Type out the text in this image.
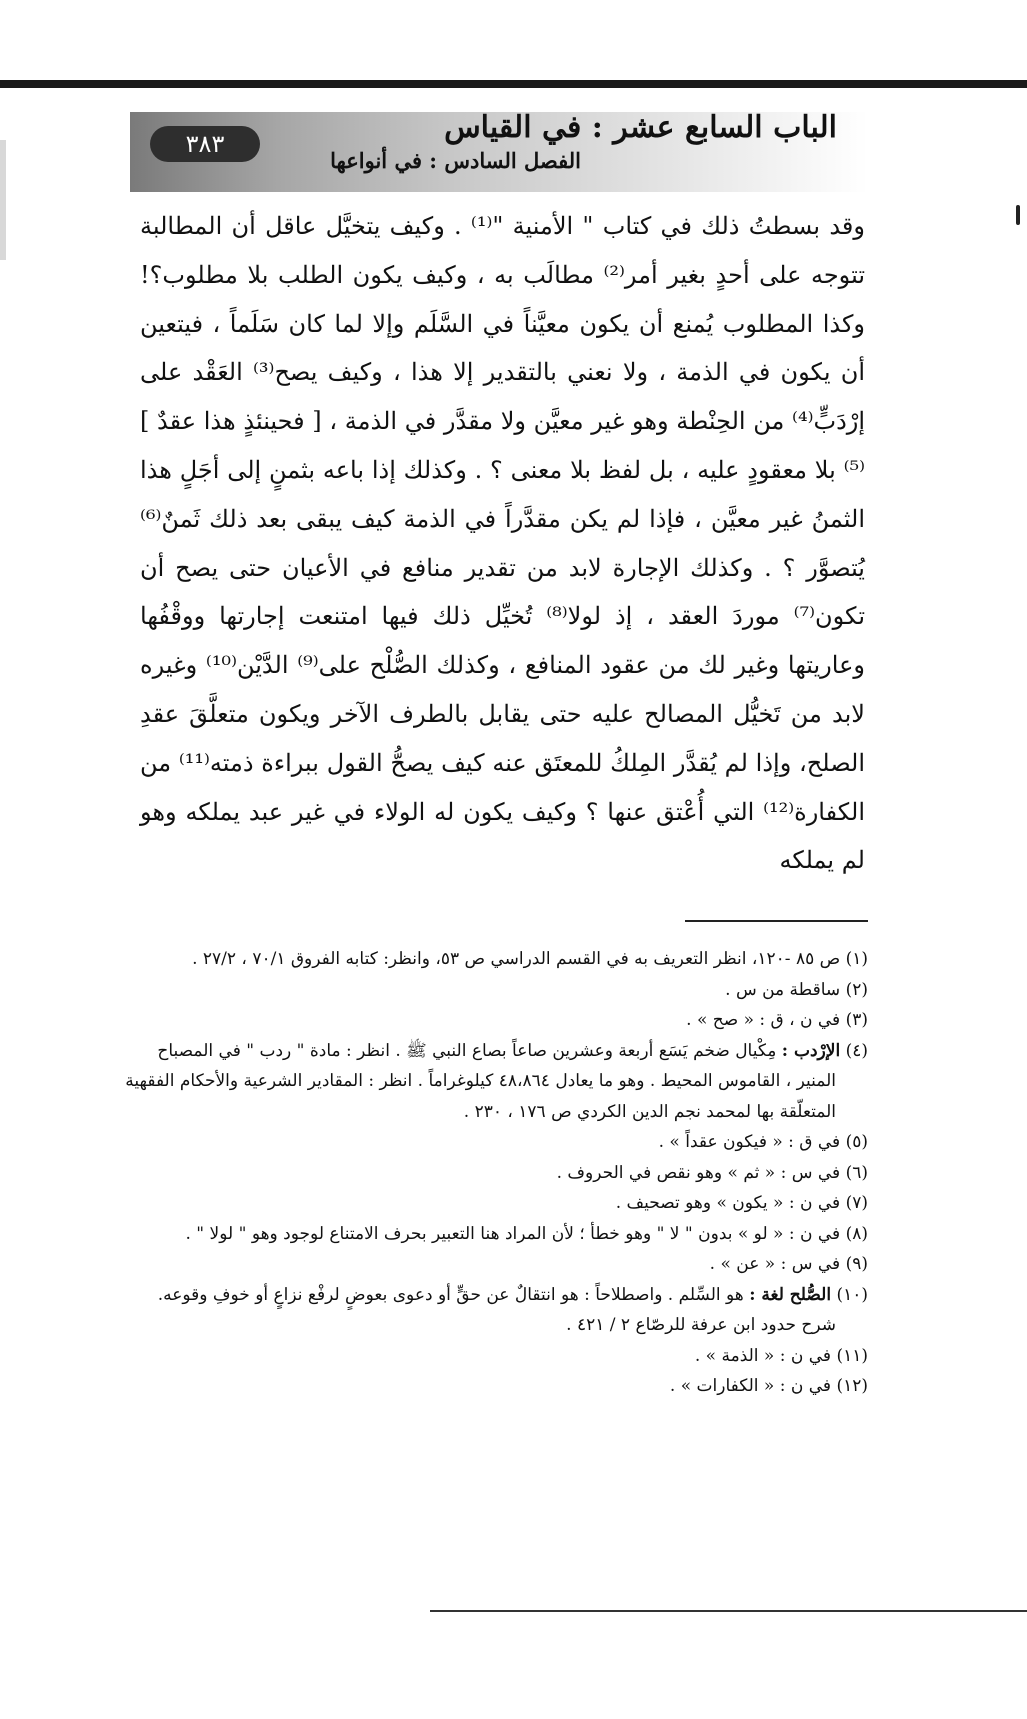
٣٨٣	الباب السابع عشر : في القياس
الفصل السادس : في أنواعها

وقد بسطتُ ذلك في كتاب " الأمنية "⁽¹⁾ . وكيف يتخيَّل عاقل أن المطالبة تتوجه على أحدٍ بغير أمر⁽²⁾ مطالَب به ، وكيف يكون الطلب بلا مطلوب؟! وكذا المطلوب يُمنع أن يكون معيَّناً في السَّلَم وإلا لما كان سَلَماً ، فيتعين أن يكون في الذمة ، ولا نعني بالتقدير إلا هذا ، وكيف يصح⁽³⁾ العَقْد على إرْدَبٍّ⁽⁴⁾ من الحِنْطة وهو غير معيَّن ولا مقدَّر في الذمة ، [ فحينئذٍ هذا عقدٌ ]⁽⁵⁾ بلا معقودٍ عليه ، بل لفظ بلا معنى ؟ . وكذلك إذا باعه بثمنٍ إلى أجَلٍ هذا الثمنُ غير معيَّن ، فإذا لم يكن مقدَّراً في الذمة كيف يبقى بعد ذلك ثَمنٌ⁽⁶⁾ يُتصوَّر ؟ . وكذلك الإجارة لابد من تقدير منافع في الأعيان حتى يصح أن تكون⁽⁷⁾ موردَ العقد ، إذ لولا⁽⁸⁾ تُخيِّل ذلك فيها امتنعت إجارتها ووقْفُها وعاريتها وغير لك من عقود المنافع ، وكذلك الصُّلْح على⁽⁹⁾ الدَّيْن⁽¹⁰⁾ وغيره لابد من تَخيُّل المصالح عليه حتى يقابل بالطرف الآخر ويكون متعلَّقَ عقدِ الصلح، وإذا لم يُقدَّر المِلكُ للمعتَق عنه كيف يصحُّ القول ببراءة ذمته⁽¹¹⁾ من الكفارة⁽¹²⁾ التي أُعْتق عنها ؟ وكيف يكون له الولاء في غير عبد يملكه وهو لم يملكه

(١) ص ٨٥ -١٢٠، انظر التعريف به في القسم الدراسي ص ٥٣، وانظر: كتابه الفروق ٧٠/١ ، ٢٧/٢ .
(٢) ساقطة من س .
(٣) في ن ، ق : « صح » .
(٤) الإرْدب : مِكْيال ضخم يَسَع أربعة وعشرين صاعاً بصاع النبي ﷺ . انظر : مادة " ردب " في المصباح
المنير ، القاموس المحيط . وهو ما يعادل ٤٨،٨٦٤ كيلوغراماً . انظر : المقادير الشرعية والأحكام الفقهية
المتعلّقة بها لمحمد نجم الدين الكردي ص ١٧٦ ، ٢٣٠ .
(٥) في ق : « فيكون عقداً » .
(٦) في س : « ثم » وهو نقص في الحروف .
(٧) في ن : « يكون » وهو تصحيف .
(٨) في ن : « لو » بدون " لا " وهو خطأ ؛ لأن المراد هنا التعبير بحرف الامتناع لوجود وهو " لولا " .
(٩) في س : « عن » .
(١٠) الصُّلح لغة : هو السِّلم . واصطلاحاً : هو انتقالٌ عن حقٍّ أو دعوى بعوضٍ لرفْع نزاعٍ أو خوفِ وقوعه.
شرح حدود ابن عرفة للرصّاع ٢ / ٤٢١ .
(١١) في ن : « الذمة » .
(١٢) في ن : « الكفارات » .
